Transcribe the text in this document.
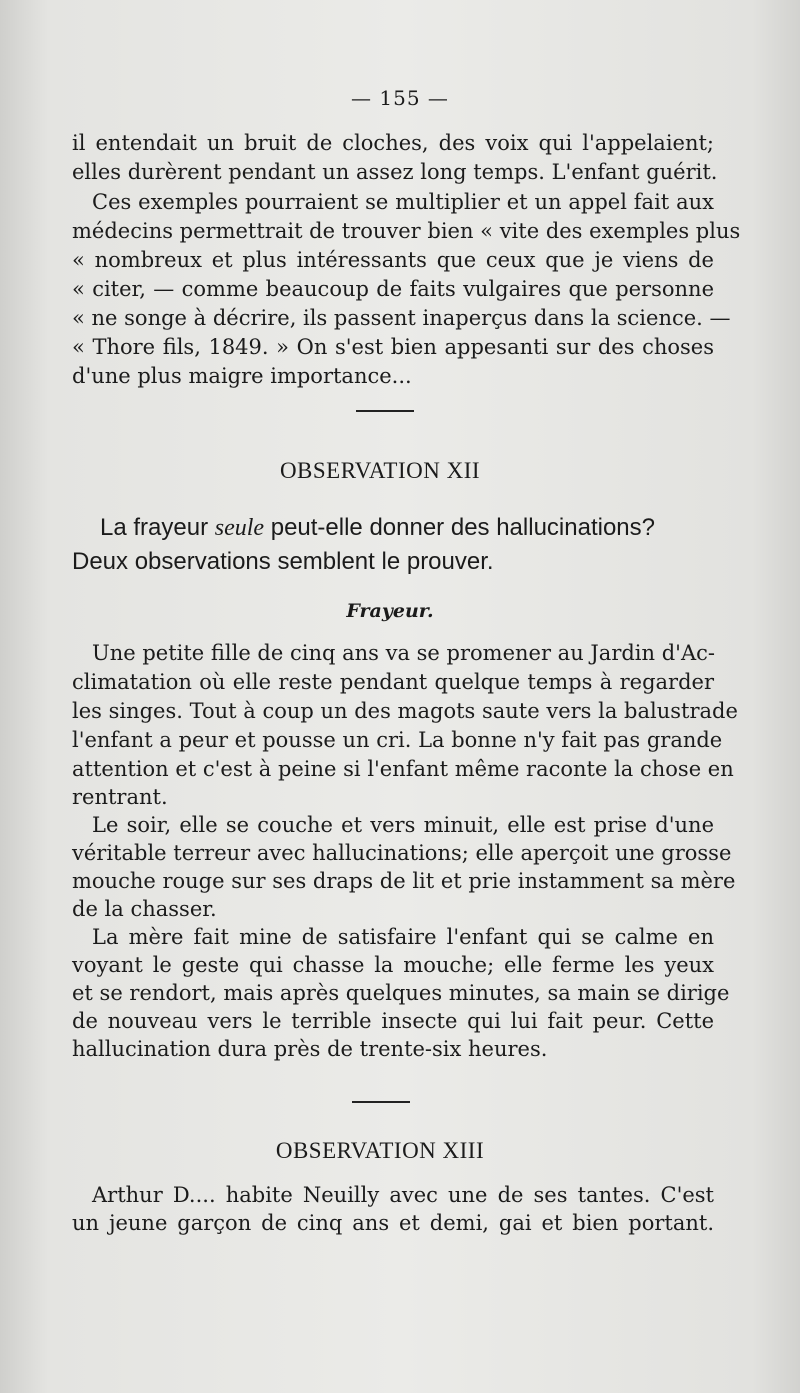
— 155 —
il entendait un bruit de cloches, des voix qui l'appelaient;
elles durèrent pendant un assez long temps. L'enfant guérit.
Ces exemples pourraient se multiplier et un appel fait aux
médecins permettrait de trouver bien « vite des exemples plus
« nombreux et plus intéressants que ceux que je viens de
« citer, — comme beaucoup de faits vulgaires que personne
« ne songe à décrire, ils passent inaperçus dans la science. —
« Thore fils, 1849. » On s'est bien appesanti sur des choses
d'une plus maigre importance...
OBSERVATION XII
La frayeur seule peut-elle donner des hallucinations?
Deux observations semblent le prouver.
Frayeur.
Une petite fille de cinq ans va se promener au Jardin d'Ac-
climatation où elle reste pendant quelque temps à regarder
les singes. Tout à coup un des magots saute vers la balustrade
l'enfant a peur et pousse un cri. La bonne n'y fait pas grande
attention et c'est à peine si l'enfant même raconte la chose en
rentrant.
Le soir, elle se couche et vers minuit, elle est prise d'une
véritable terreur avec hallucinations; elle aperçoit une grosse
mouche rouge sur ses draps de lit et prie instamment sa mère
de la chasser.
La mère fait mine de satisfaire l'enfant qui se calme en
voyant le geste qui chasse la mouche; elle ferme les yeux
et se rendort, mais après quelques minutes, sa main se dirige
de nouveau vers le terrible insecte qui lui fait peur. Cette
hallucination dura près de trente-six heures.
OBSERVATION XIII
Arthur D.... habite Neuilly avec une de ses tantes. C'est
un jeune garçon de cinq ans et demi, gai et bien portant.
